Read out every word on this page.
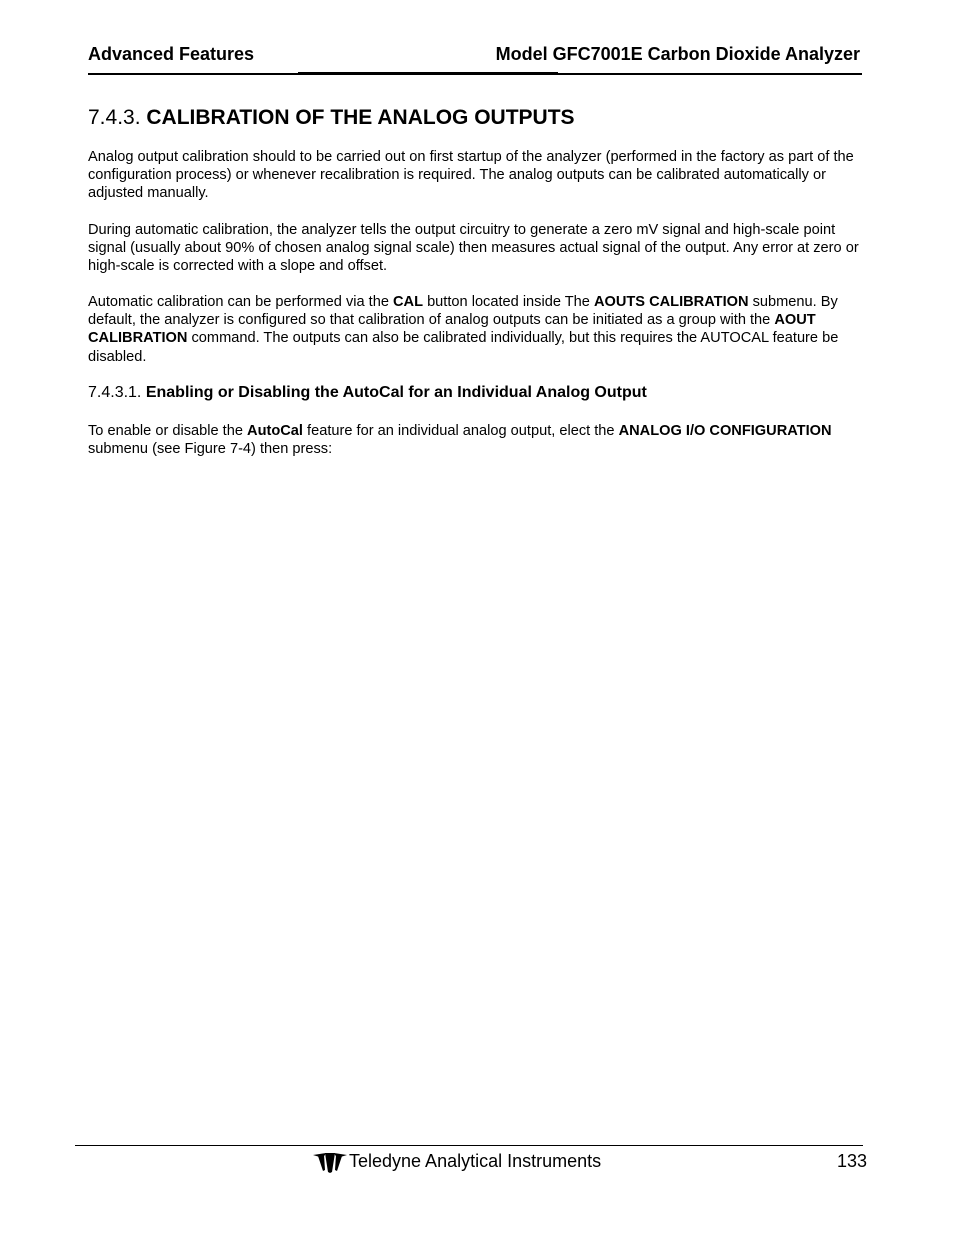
Advanced Features	Model GFC7001E Carbon Dioxide Analyzer
7.4.3. CALIBRATION OF THE ANALOG OUTPUTS

Analog output calibration should to be carried out on first startup of the analyzer (performed in the factory as part of the configuration process) or whenever recalibration is required. The analog outputs can be calibrated automatically or adjusted manually.

During automatic calibration, the analyzer tells the output circuitry to generate a zero mV signal and high-scale point signal (usually about 90% of chosen analog signal scale) then measures actual signal of the output. Any error at zero or high-scale is corrected with a slope and offset.

Automatic calibration can be performed via the CAL button located inside The AOUTS CALIBRATION submenu. By default, the analyzer is configured so that calibration of analog outputs can be initiated as a group with the AOUT CALIBRATION command. The outputs can also be calibrated individually, but this requires the AUTOCAL feature be disabled.

7.4.3.1. Enabling or Disabling the AutoCal for an Individual Analog Output

To enable or disable the AutoCal feature for an individual analog output, elect the ANALOG I/O CONFIGURATION submenu (see Figure 7-4) then press:

Teledyne Analytical Instruments	133
